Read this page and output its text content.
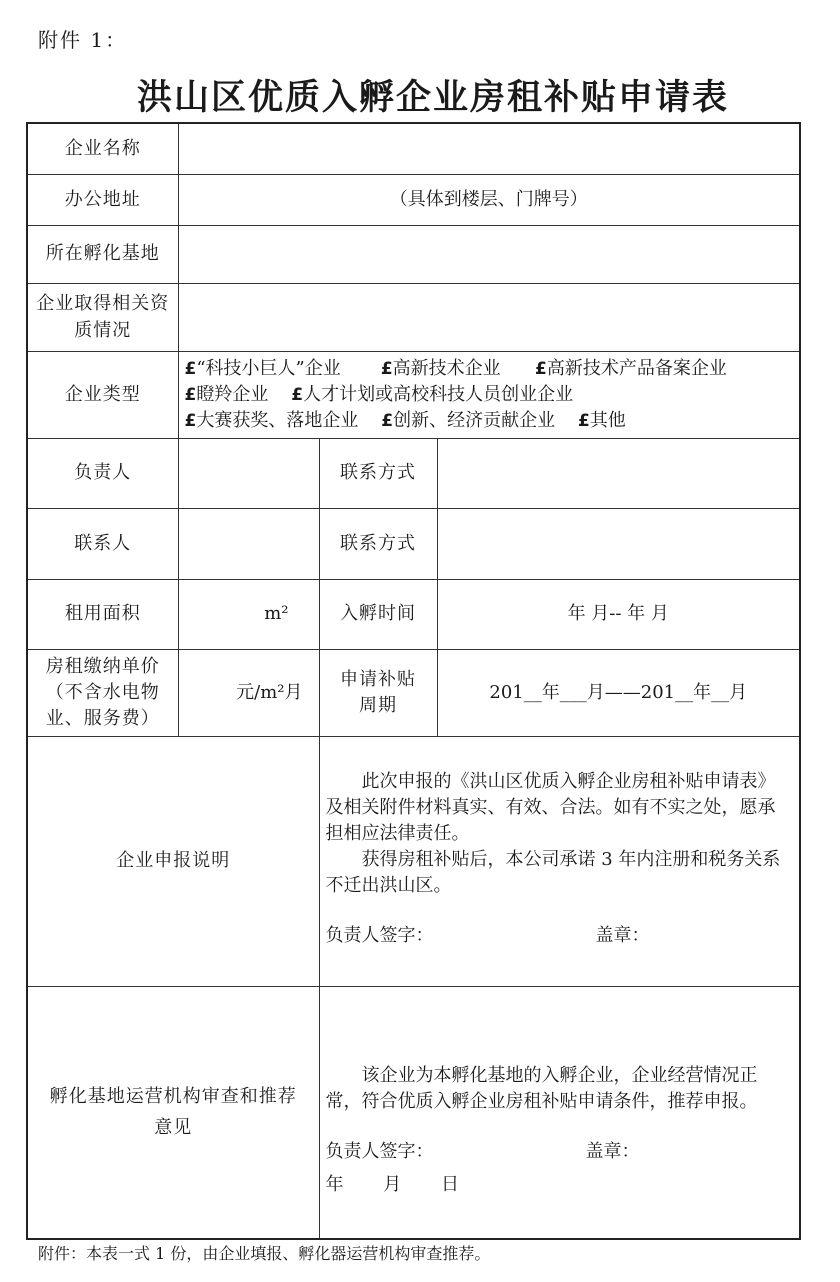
附件 1：
洪山区优质入孵企业房租补贴申请表
企业名称			
办公地址	（具体到楼层、门牌号）		
所在孵化基地			
企业取得相关资质情况			
企业类型	£“科技小巨人”企业 £高新技术企业 £高新技术产品备案企业     £瞪羚企业 £人才计划或高校科技人员创业企业
£大赛获奖、落地企业 £创新、经济贡献企业 £其他		
负责人		联系方式	
联系人		联系方式	
租用面积	m²	入孵时间	年 月-- 年 月
房租缴纳单价（不含水电物业、服务费）	元/m²月	申请补贴周期	201__年___月——201__年__月
企业申报说明		此次申报的《洪山区优质入孵企业房租补贴申请表》及相关附件材料真实、有效、合法。如有不实之处，愿承担相应法律责任。

获得房租补贴后，本公司承诺 3 年内注册和税务关系不迁出洪山区。

负责人签字： 盖章：	

孵化基地运营机构审查和推荐意见		该企业为本孵化基地的入孵企业，企业经营情况正常，符合优质入孵企业房租补贴申请条件，推荐申报。

负责人签字： 盖章：
年 月 日	
附件：本表一式 1 份，由企业填报、孵化器运营机构审查推荐。
